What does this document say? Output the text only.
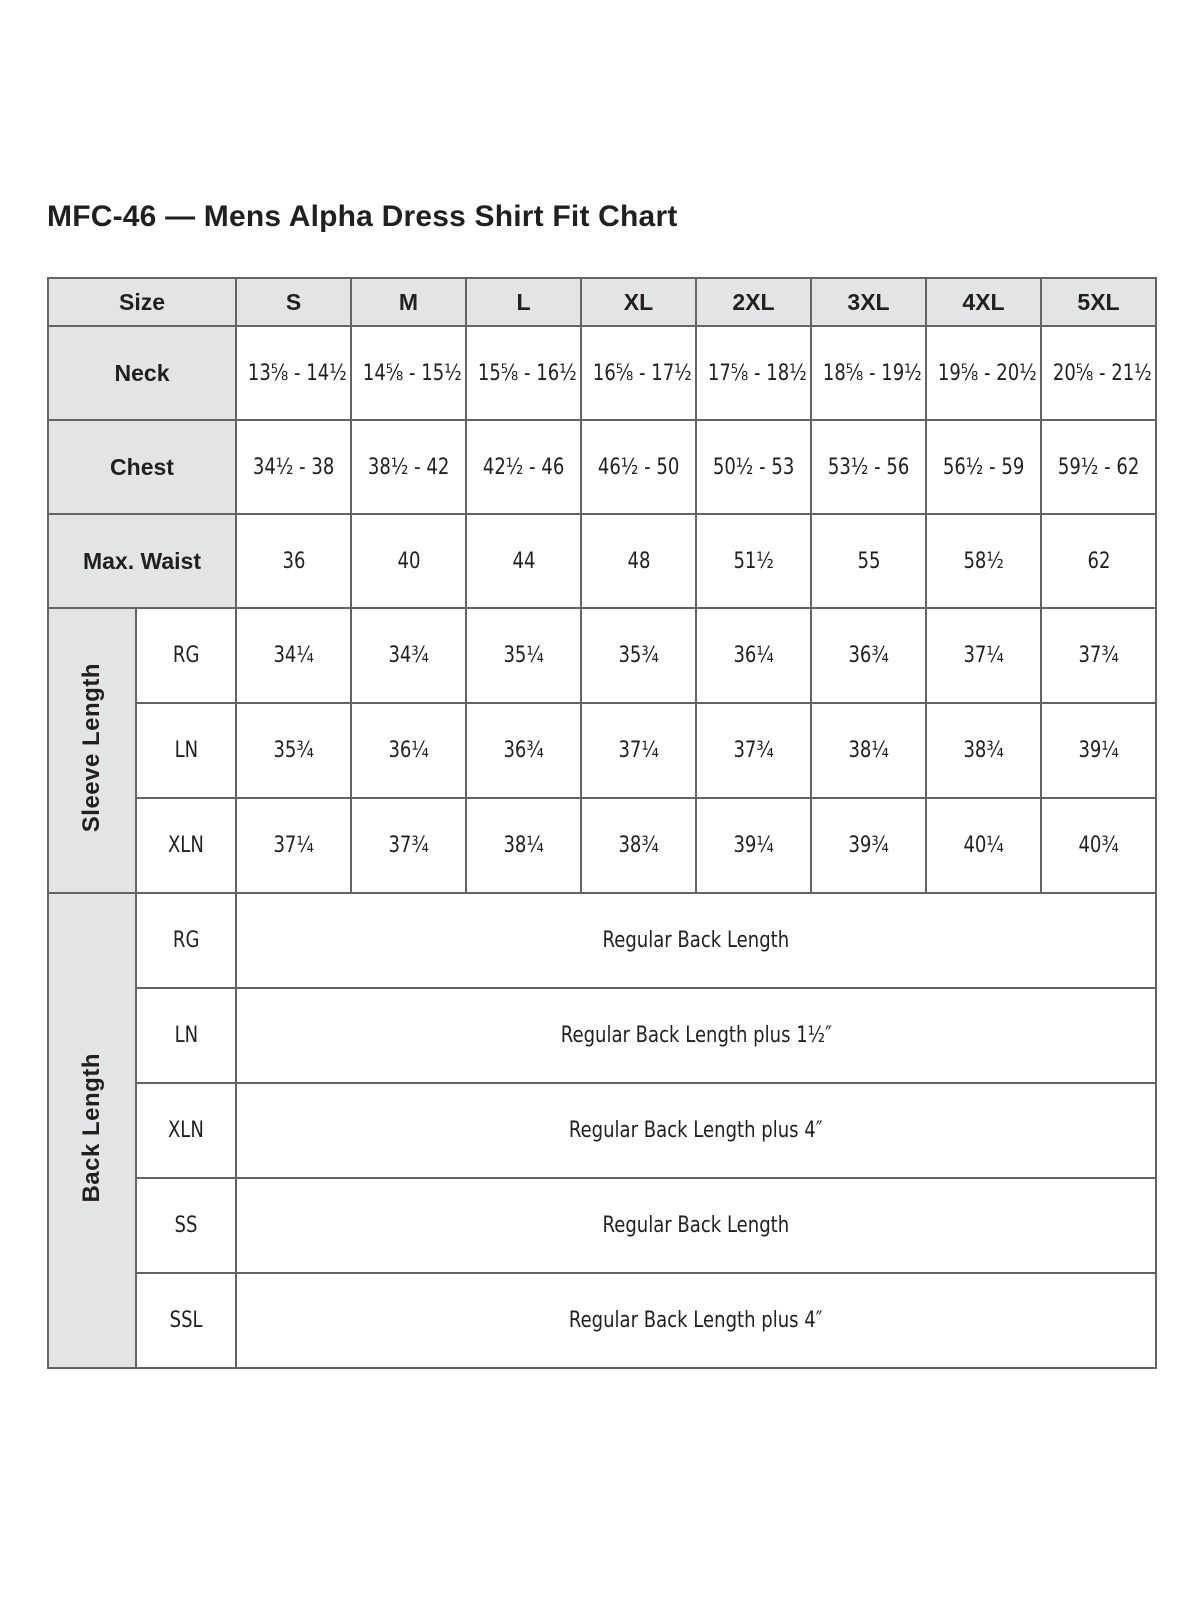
MFC-46 — Mens Alpha Dress Shirt Fit Chart
Size		S	M	L	XL	2XL	3XL	4XL	5XL
Neck		13⅝ - 14½	14⅝ - 15½	15⅝ - 16½	16⅝ - 17½	17⅝ - 18½	18⅝ - 19½	19⅝ - 20½	20⅝ - 21½
Chest		34½ - 38	38½ - 42	42½ - 46	46½ - 50	50½ - 53	53½ - 56	56½ - 59	59½ - 62
Max. Waist		36	40	44	48	51½	55	58½	62
Sleeve Length	RG	34¼	34¾	35¼	35¾	36¼	36¾	37¼	37¾
	LN	35¾	36¼	36¾	37¼	37¾	38¼	38¾	39¼
	XLN	37¼	37¾	38¼	38¾	39¼	39¾	40¼	40¾
Back Length	RG	Regular Back Length							
	LN	Regular Back Length plus 1½″							
	XLN	Regular Back Length plus 4″							
	SS	Regular Back Length							
	SSL	Regular Back Length plus 4″							
